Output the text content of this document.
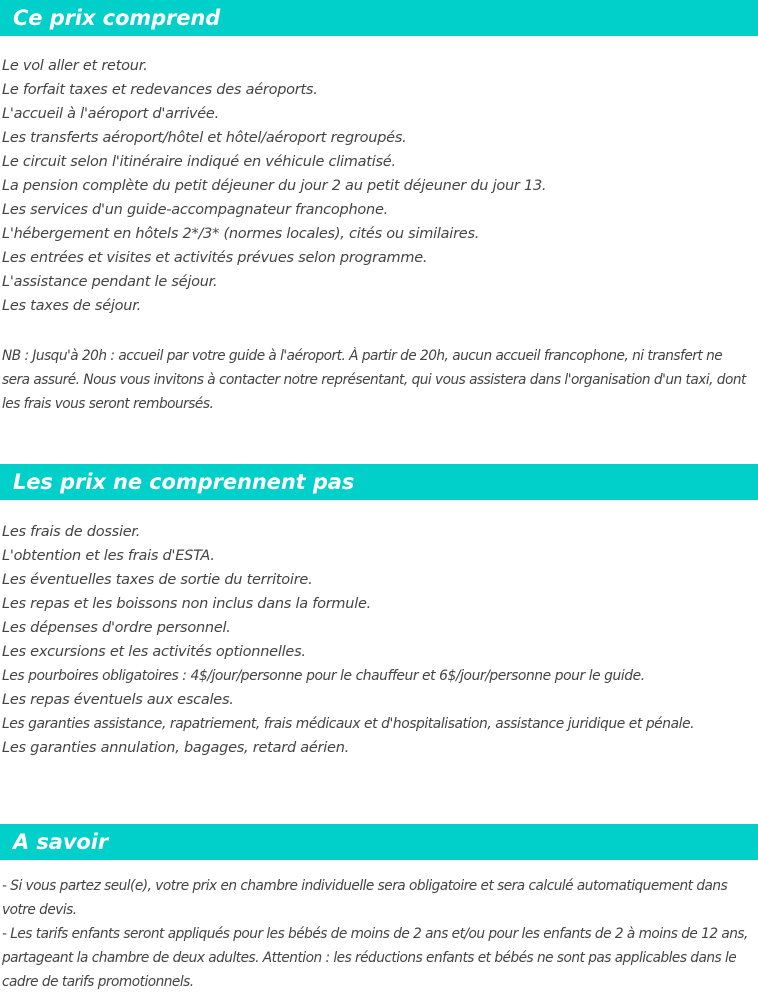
Ce prix comprend
Le vol aller et retour.
Le forfait taxes et redevances des aéroports.
L'accueil à l'aéroport d'arrivée.
Les transferts aéroport/hôtel et hôtel/aéroport regroupés.
Le circuit selon l'itinéraire indiqué en véhicule climatisé.
La pension complète du petit déjeuner du jour 2 au petit déjeuner du jour 13.
Les services d'un guide-accompagnateur francophone.
L'hébergement en hôtels 2*/3* (normes locales), cités ou similaires.
Les entrées et visites et activités prévues selon programme.
L'assistance pendant le séjour.
Les taxes de séjour.

NB : Jusqu'à 20h : accueil par votre guide à l'aéroport. À partir de 20h, aucun accueil francophone, ni transfert ne sera assuré. Nous vous invitons à contacter notre représentant, qui vous assistera dans l'organisation d'un taxi, dont les frais vous seront remboursés.

Les prix ne comprennent pas
Les frais de dossier.
L'obtention et les frais d'ESTA.
Les éventuelles taxes de sortie du territoire.
Les repas et les boissons non inclus dans la formule.
Les dépenses d'ordre personnel.
Les excursions et les activités optionnelles.
Les pourboires obligatoires : 4$/jour/personne pour le chauffeur et 6$/jour/personne pour le guide.
Les repas éventuels aux escales.
Les garanties assistance, rapatriement, frais médicaux et d'hospitalisation, assistance juridique et pénale.
Les garanties annulation, bagages, retard aérien.
A savoir

- Si vous partez seul(e), votre prix en chambre individuelle sera obligatoire et sera calculé automatiquement dans votre devis.

- Les tarifs enfants seront appliqués pour les bébés de moins de 2 ans et/ou pour les enfants de 2 à moins de 12 ans, partageant la chambre de deux adultes. Attention : les réductions enfants et bébés ne sont pas applicables dans le cadre de tarifs promotionnels.
